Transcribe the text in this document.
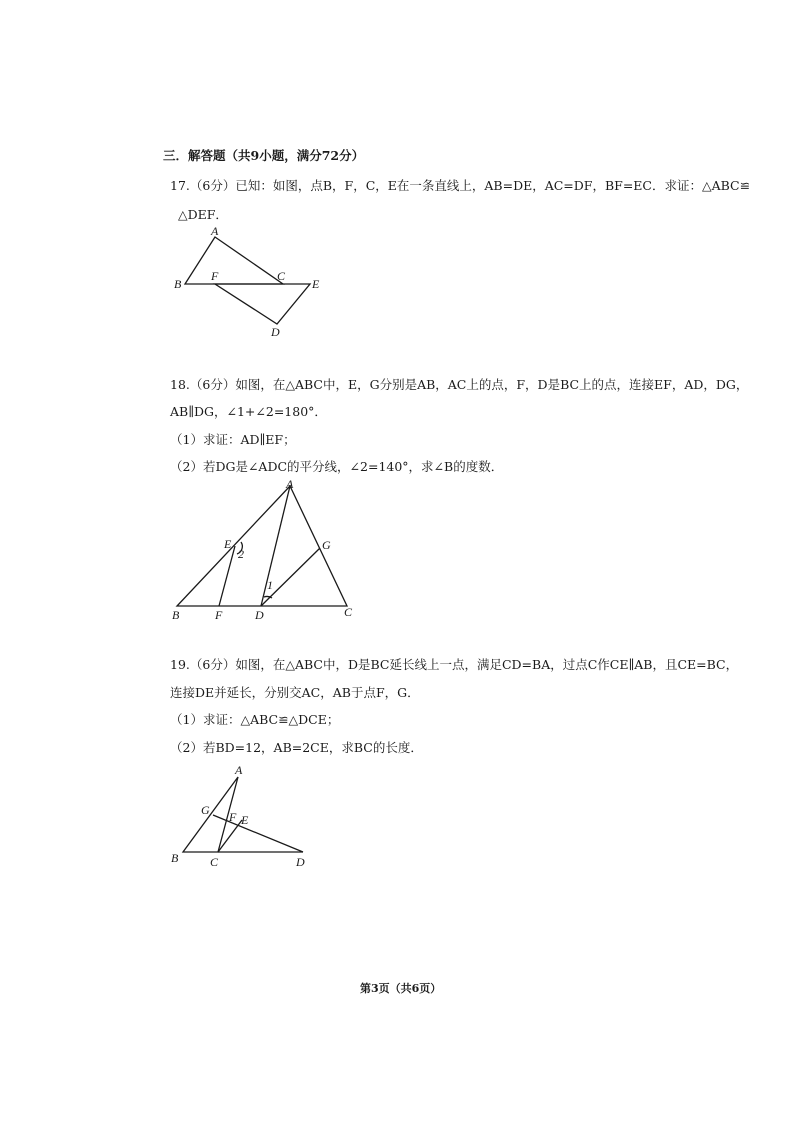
三．解答题（共9小题，满分72分）
17.（6分）已知：如图，点B，F，C，E在一条直线上，AB=DE，AC=DF，BF=EC．求证：△ABC≌
△DEF．
A
B
F	C
E
D
18.（6分）如图，在△ABC中，E，G分别是AB，AC上的点，F，D是BC上的点，连接EF，AD，DG，
AB∥DG，∠1+∠2=180°．
（1）求证：AD∥EF；
（2）若DG是∠ADC的平分线，∠2=140°，求∠B的度数．
A
E
2
G
1
B	F	D	C
19.（6分）如图，在△ABC中，D是BC延长线上一点，满足CD=BA，过点C作CE∥AB，且CE=BC，
连接DE并延长，分别交AC，AB于点F，G．
（1）求证：△ABC≌△DCE；
（2）若BD=12，AB=2CE，求BC的长度．
A
G F E
B	C	D
第3页（共6页）
